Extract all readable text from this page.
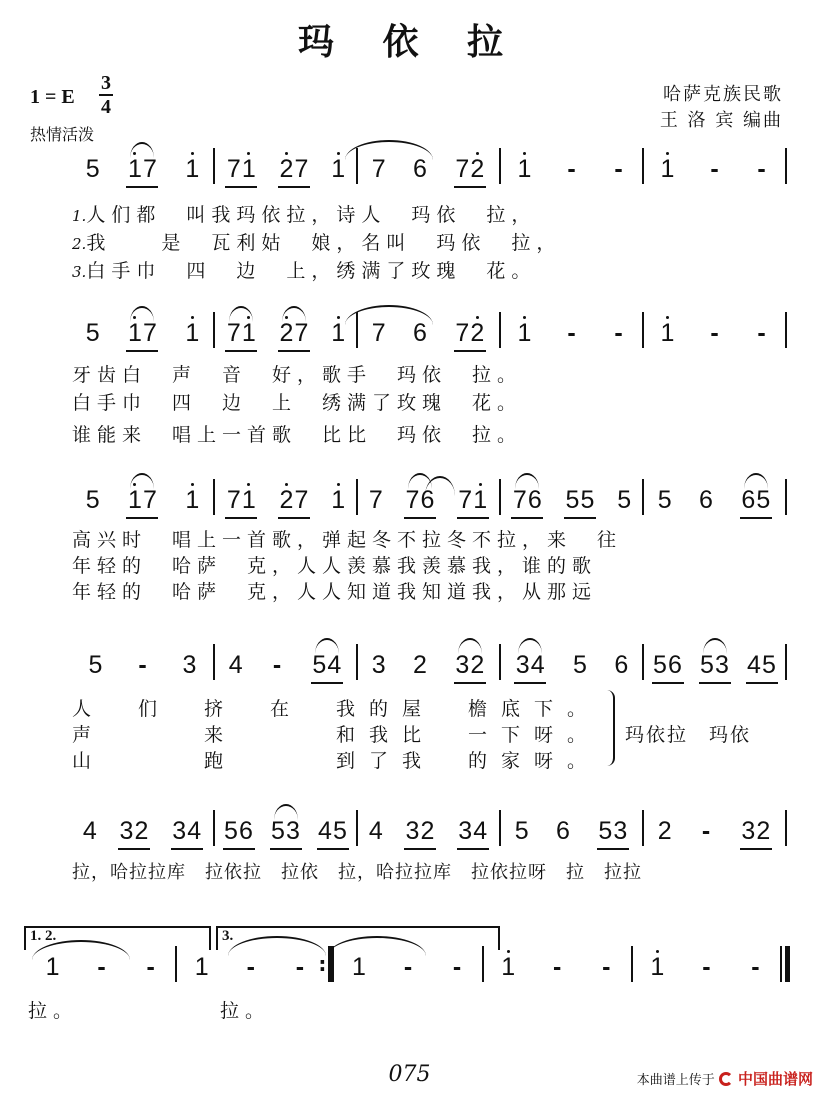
玛 依 拉
1 = E
3
4
热情活泼
哈萨克族民歌
王 洛 宾 编曲
5 1 7 1 7 1 2 7 1 7 6 7 2 1 - - 1 - -
5 1 7 1 7 1 2 7 1 7 6 7 2 1 - - 1 - -
5 1 7 1 7 1 2 7 1 7 7 6 7 1 7 6 5 5 5 5 6 6 5
5 - 3 4 - 5 4 3 2 3 2 3 4 5 6 5 6 5 3 4 5
4 3 2 3 4 5 6 5 3 4 5 4 3 2 3 4 5 6 5 3 2 - 3 2
1 - - 1 - - : 1 - - 1 - - 1 - -
1. 2.	3.
1.人们都　叫我玛依拉，诗人　玛依　拉，
2.我　　是　瓦利姑　娘，名叫　玛依　拉，
3.白手巾　四　边　上，绣满了玫瑰　花。
牙齿白　声　音　好，歌手　玛依　拉。
白手巾　四　边　上　绣满了玫瑰　花。
谁能来　唱上一首歌　比比　玛依　拉。
高兴时　唱上一首歌，弹起冬不拉冬不拉，来　往
年轻的　哈萨　克，人人羡慕我羡慕我，谁的歌
年轻的　哈萨　克，人人知道我知道我，从那远
人　们　挤　在　我的屋　檐底下。
声　　　来　　　和我比　一下呀。
山　　　跑　　　到了我　的家呀。
玛依拉　玛依
拉，哈拉拉库　拉依拉　拉依　拉，哈拉拉库　拉依拉呀　拉　拉拉
拉。	拉。
075	本曲谱上传于	中国曲谱网
